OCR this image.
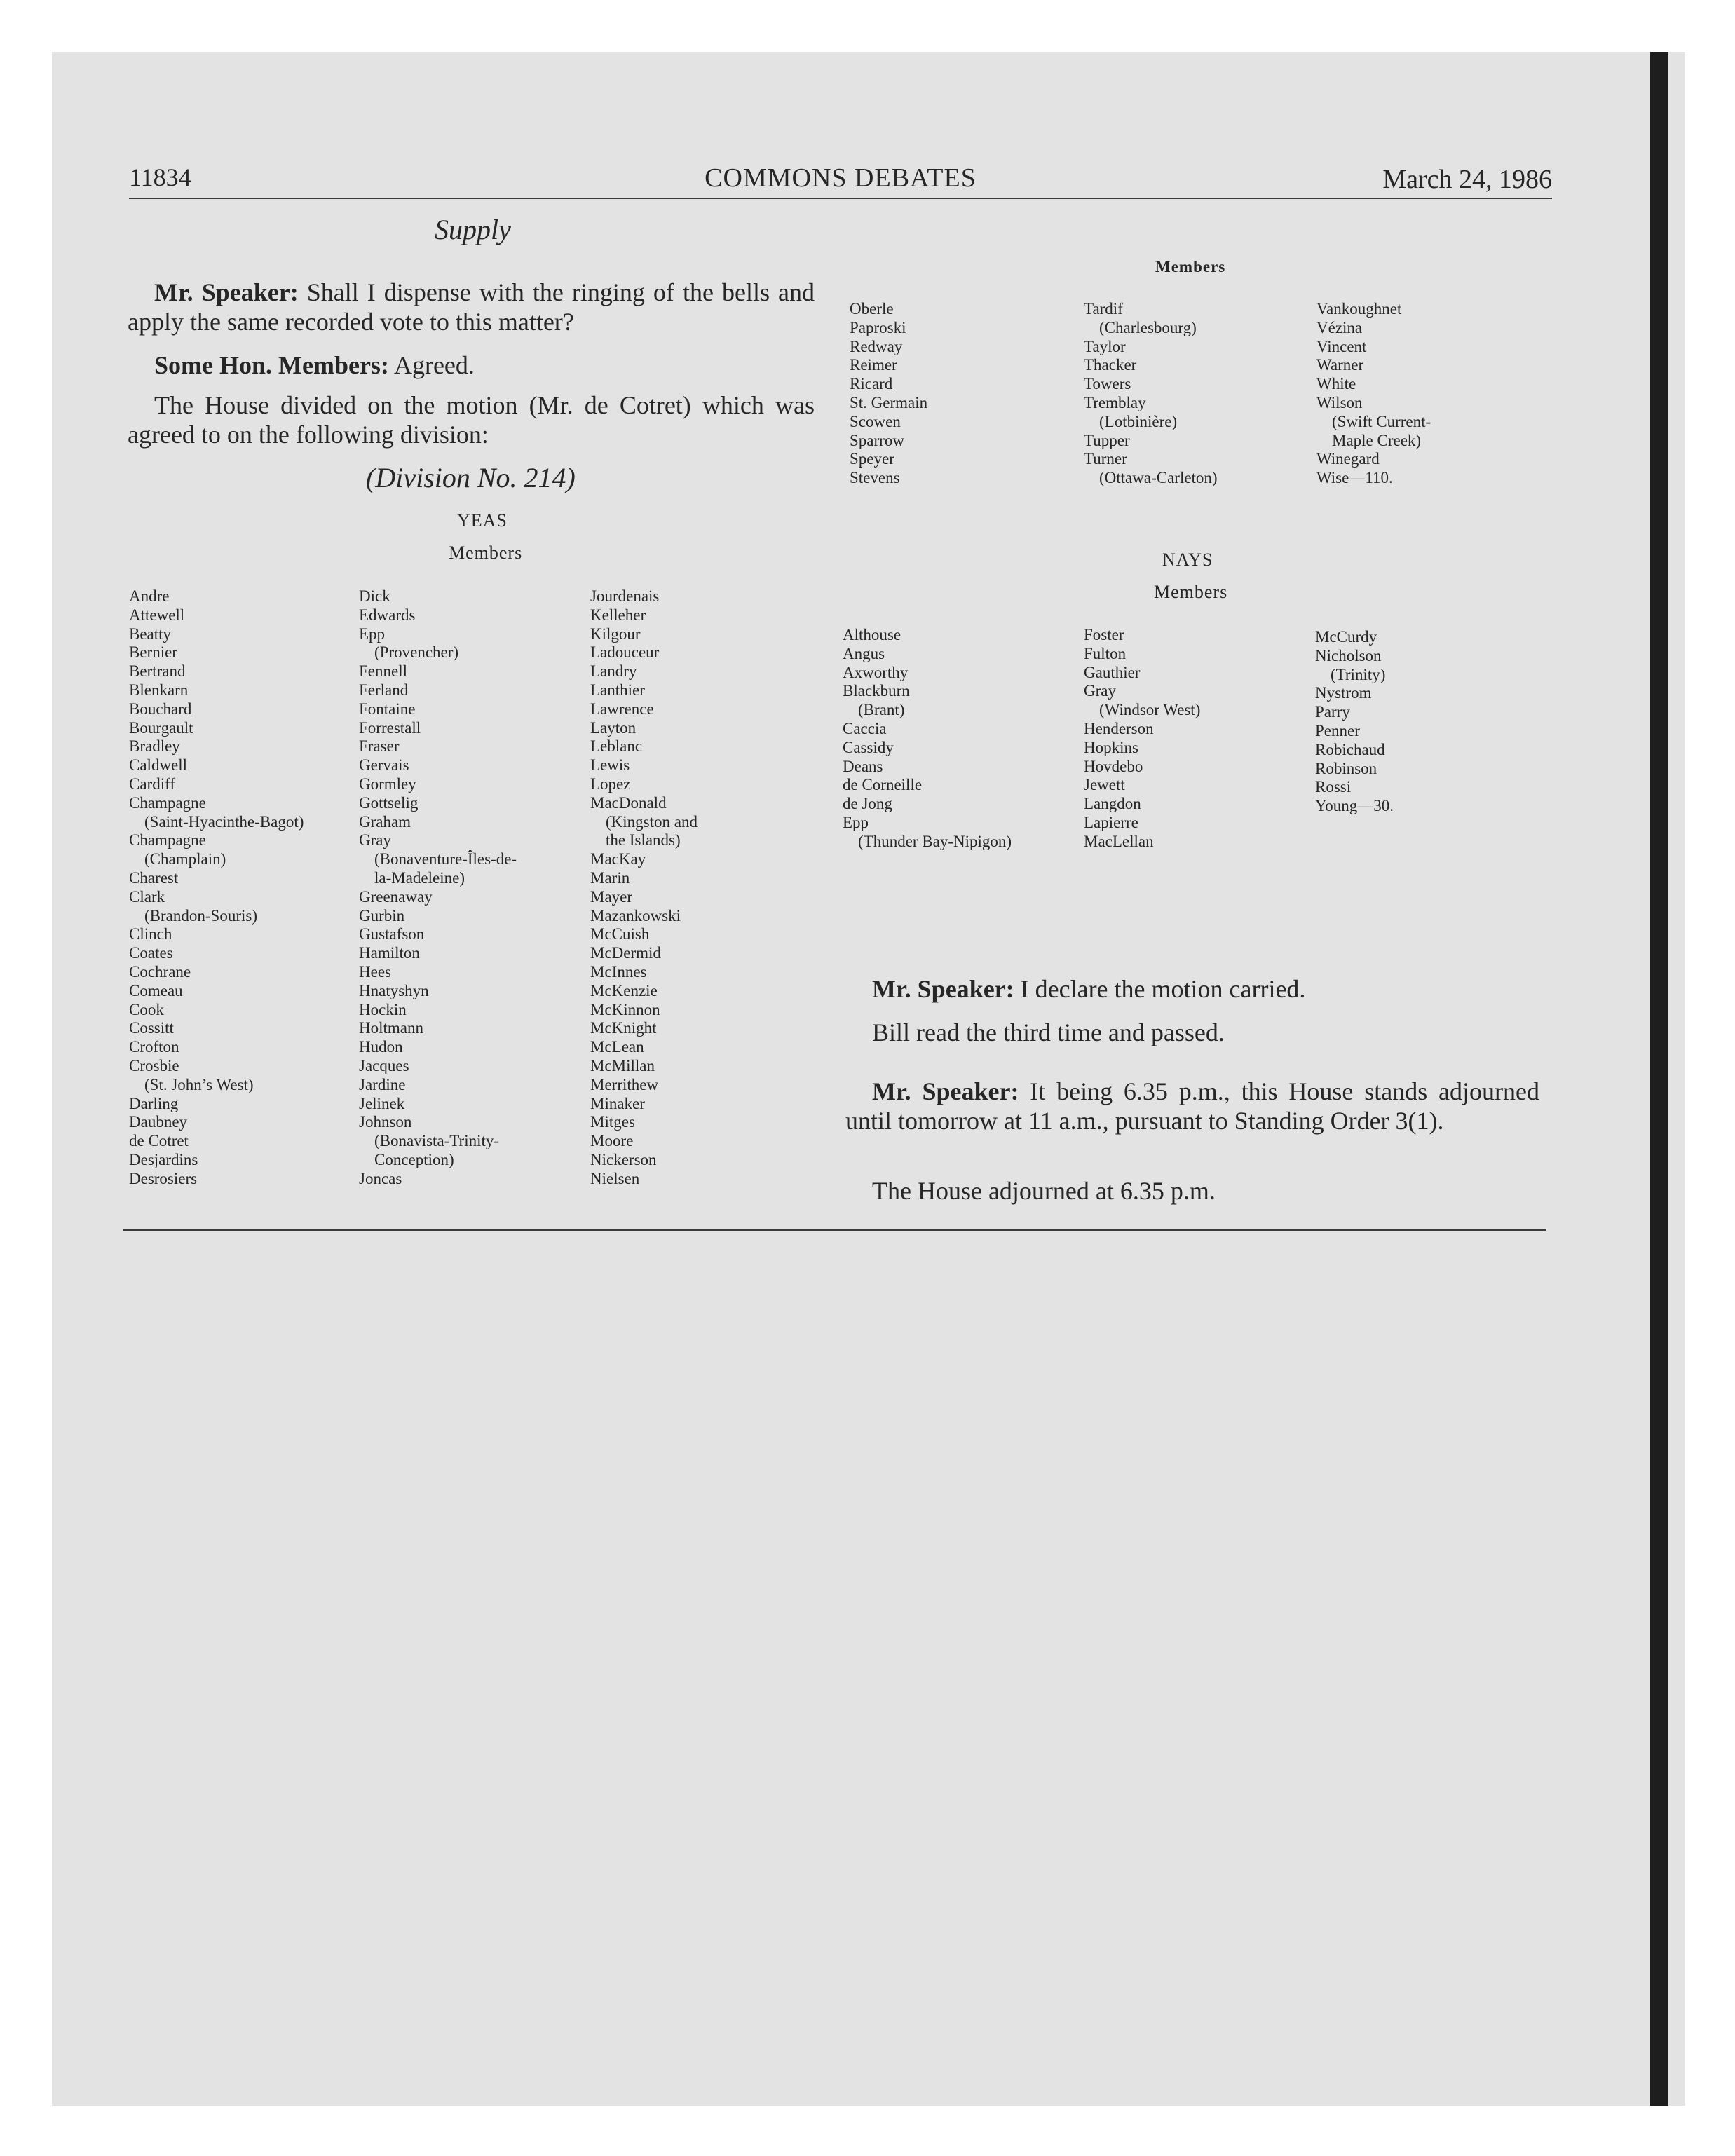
11834	COMMONS DEBATES	March 24, 1986
Supply

Mr. Speaker: Shall I dispense with the ringing of the bells and apply the same recorded vote to this matter?

Some Hon. Members: Agreed.

The House divided on the motion (Mr. de Cotret) which was agreed to on the following division:

(Division No. 214)
YEAS
Members
Andre
Attewell
Beatty
Bernier
Bertrand
Blenkarn
Bouchard
Bourgault
Bradley
Caldwell
Cardiff
Champagne
(Saint-Hyacinthe-Bagot)
Champagne
(Champlain)
Charest
Clark
(Brandon-Souris)
Clinch
Coates
Cochrane
Comeau
Cook
Cossitt
Crofton
Crosbie
(St. John’s West)
Darling
Daubney
de Cotret
Desjardins
Desrosiers
Dick
Edwards
Epp
(Provencher)
Fennell
Ferland
Fontaine
Forrestall
Fraser
Gervais
Gormley
Gottselig
Graham
Gray
(Bonaventure-Îles-de-
la-Madeleine)
Greenaway
Gurbin
Gustafson
Hamilton
Hees
Hnatyshyn
Hockin
Holtmann
Hudon
Jacques
Jardine
Jelinek
Johnson
(Bonavista-Trinity-
Conception)
Joncas
Jourdenais
Kelleher
Kilgour
Ladouceur
Landry
Lanthier
Lawrence
Layton
Leblanc
Lewis
Lopez
MacDonald
(Kingston and
the Islands)
MacKay
Marin
Mayer
Mazankowski
McCuish
McDermid
McInnes
McKenzie
McKinnon
McKnight
McLean
McMillan
Merrithew
Minaker
Mitges
Moore
Nickerson
Nielsen
Members
Oberle
Paproski
Redway
Reimer
Ricard
St. Germain
Scowen
Sparrow
Speyer
Stevens
Tardif
(Charlesbourg)
Taylor
Thacker
Towers
Tremblay
(Lotbinière)
Tupper
Turner
(Ottawa-Carleton)
Vankoughnet
Vézina
Vincent
Warner
White
Wilson
(Swift Current-
Maple Creek)
Winegard
Wise—110.
NAYS
Members
Althouse
Angus
Axworthy
Blackburn
(Brant)
Caccia
Cassidy
Deans
de Corneille
de Jong
Epp
(Thunder Bay-Nipigon)
Foster
Fulton
Gauthier
Gray
(Windsor West)
Henderson
Hopkins
Hovdebo
Jewett
Langdon
Lapierre
MacLellan
McCurdy
Nicholson
(Trinity)
Nystrom
Parry
Penner
Robichaud
Robinson
Rossi
Young—30.

Mr. Speaker: I declare the motion carried.

Bill read the third time and passed.

Mr. Speaker: It being 6.35 p.m., this House stands adjourned until tomorrow at 11 a.m., pursuant to Standing Order 3(1).

The House adjourned at 6.35 p.m.
